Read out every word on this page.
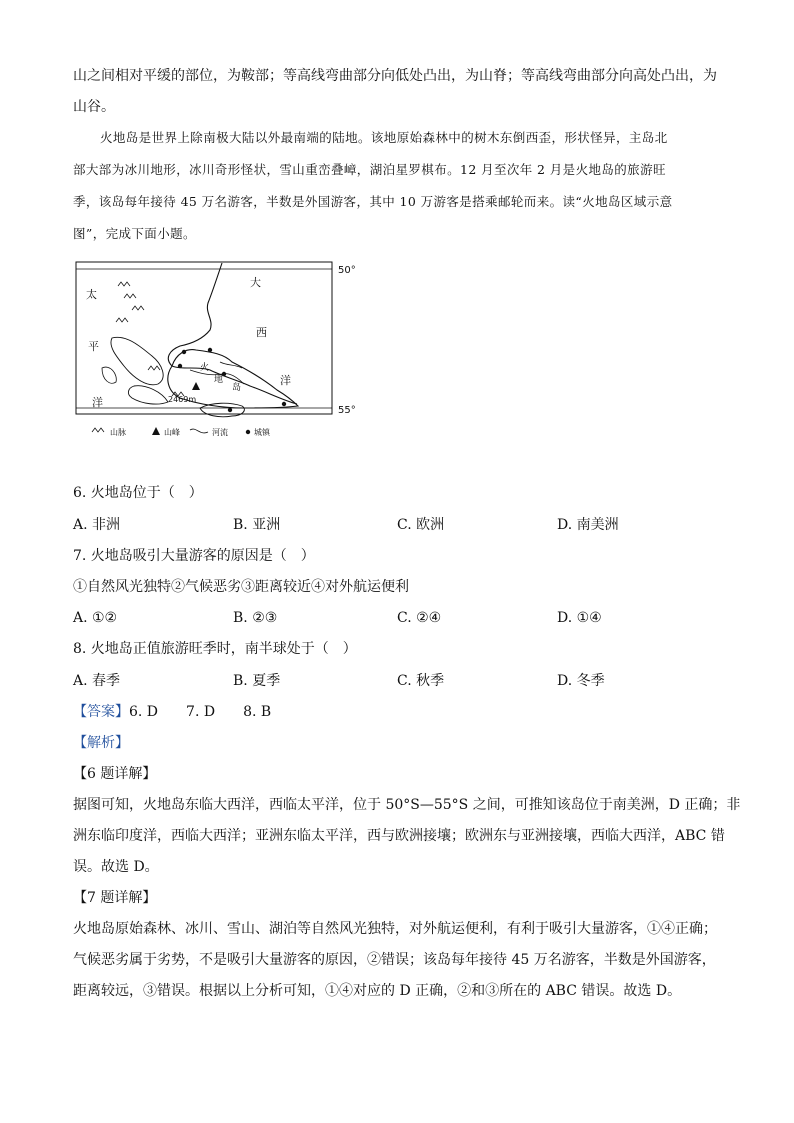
山之间相对平缓的部位，为鞍部；等高线弯曲部分向低处凸出，为山脊；等高线弯曲部分向高处凸出，为
山谷。
火地岛是世界上除南极大陆以外最南端的陆地。该地原始森林中的树木东倒西歪，形状怪异，主岛北
部大部为冰川地形，冰川奇形怪状，雪山重峦叠嶂，湖泊星罗棋布。12 月至次年 2 月是火地岛的旅游旺
季，该岛每年接待 45 万名游客，半数是外国游客，其中 10 万游客是搭乘邮轮而来。读“火地岛区域示意
图”，完成下面小题。
大
西
洋
太
平
洋
火
地
岛
2469m
50°
55°
山脉	山峰	河流	城镇
6. 火地岛位于（　）
A. 非洲	B. 亚洲	C. 欧洲	D. 南美洲
7. 火地岛吸引大量游客的原因是（　）
①自然风光独特②气候恶劣③距离较近④对外航运便利
A. ①②	B. ②③	C. ②④	D. ①④
8. 火地岛正值旅游旺季时，南半球处于（　）
A. 春季	B. 夏季	C. 秋季	D. 冬季
【答案】6. D　　7. D　　8. B
【解析】
【6 题详解】
据图可知，火地岛东临大西洋，西临太平洋，位于 50°S—55°S 之间，可推知该岛位于南美洲，D 正确；非
洲东临印度洋，西临大西洋；亚洲东临太平洋，西与欧洲接壤；欧洲东与亚洲接壤，西临大西洋，ABC 错
误。故选 D。
【7 题详解】
火地岛原始森林、冰川、雪山、湖泊等自然风光独特，对外航运便利，有利于吸引大量游客，①④正确；
气候恶劣属于劣势，不是吸引大量游客的原因，②错误；该岛每年接待 45 万名游客，半数是外国游客，
距离较远，③错误。根据以上分析可知，①④对应的 D 正确，②和③所在的 ABC 错误。故选 D。
